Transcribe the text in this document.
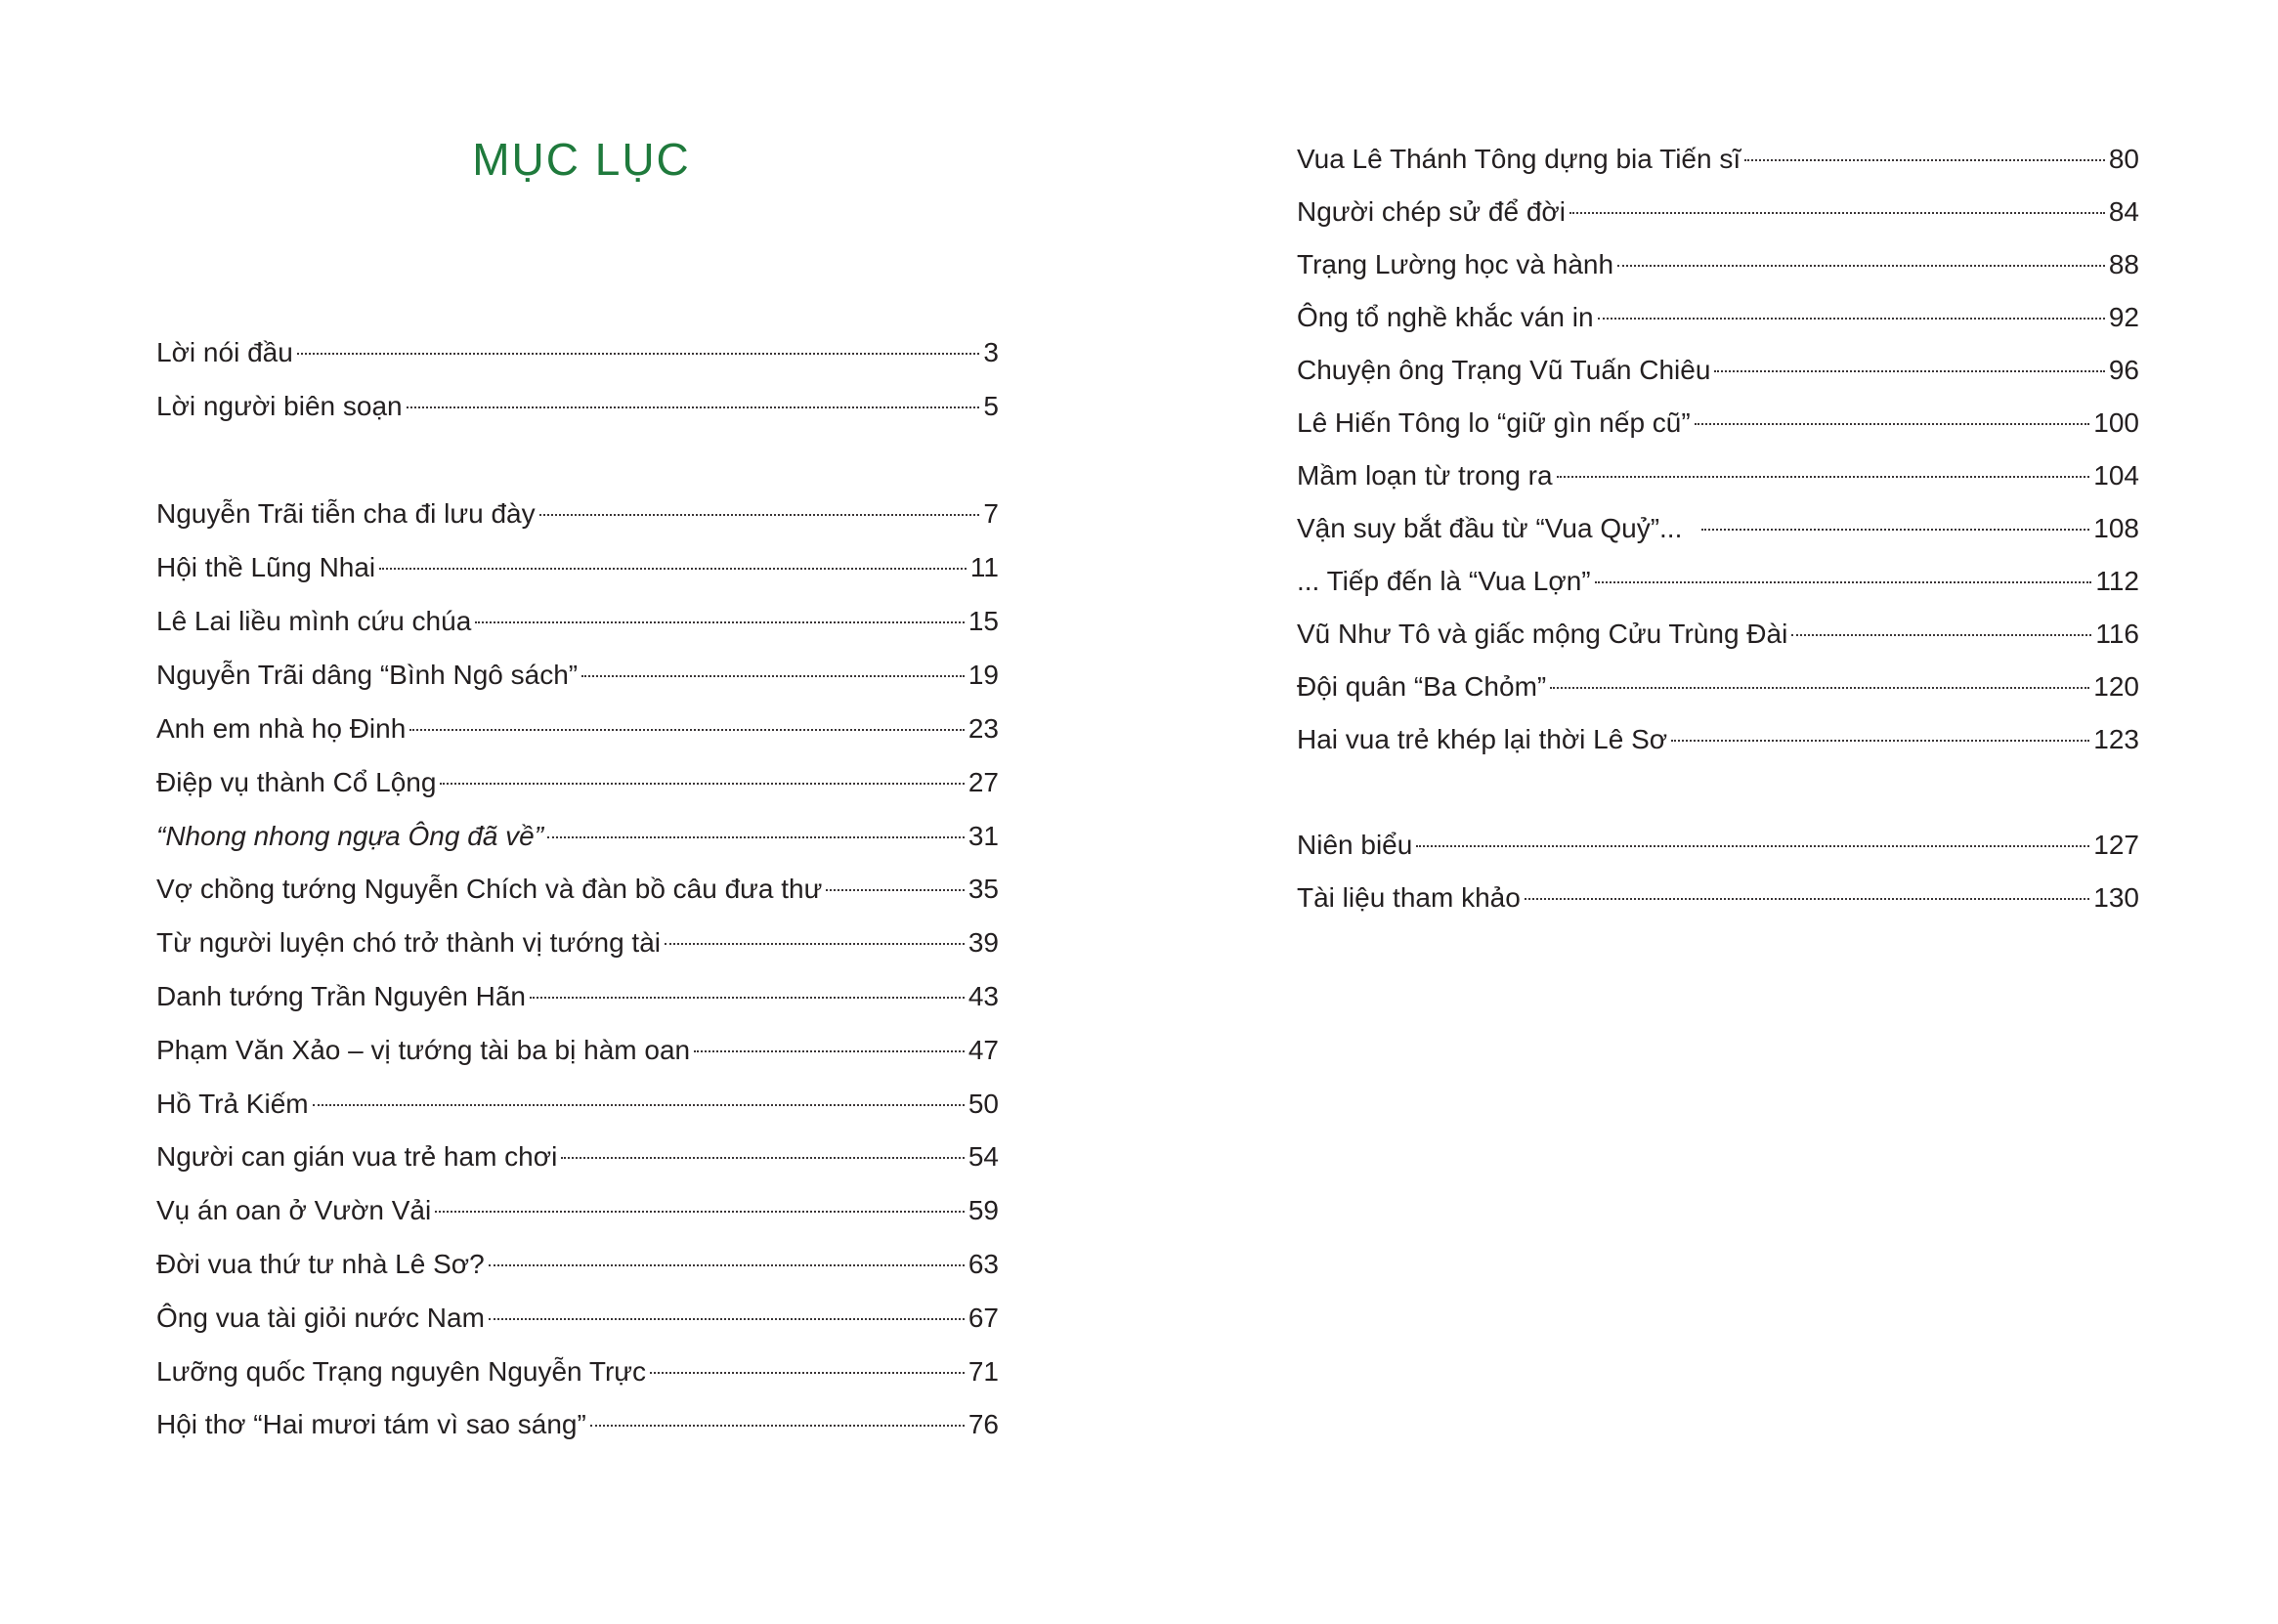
MỤC LỤC
Lời nói đầu	3
Lời người biên soạn	5
Nguyễn Trãi tiễn cha đi lưu đày	7
Hội thề Lũng Nhai	11
Lê Lai liều mình cứu chúa	15
Nguyễn Trãi dâng “Bình Ngô sách”	19
Anh em nhà họ Đinh	23
Điệp vụ thành Cổ Lộng	27
“Nhong nhong ngựa Ông đã về”	31
Vợ chồng tướng Nguyễn Chích và đàn bồ câu đưa thư	35
Từ người luyện chó trở thành vị tướng tài	39
Danh tướng Trần Nguyên Hãn	43
Phạm Văn Xảo – vị tướng tài ba bị hàm oan	47
Hồ Trả Kiếm	50
Người can gián vua trẻ ham chơi	54
Vụ án oan ở Vườn Vải	59
Đời vua thứ tư nhà Lê Sơ?	63
Ông vua tài giỏi nước Nam	67
Lưỡng quốc Trạng nguyên Nguyễn Trực	71
Hội thơ “Hai mươi tám vì sao sáng”	76
Vua Lê Thánh Tông dựng bia Tiến sĩ	80
Người chép sử để đời	84
Trạng Lường học và hành	88
Ông tổ nghề khắc ván in	92
Chuyện ông Trạng Vũ Tuấn Chiêu	96
Lê Hiến Tông lo “giữ gìn nếp cũ”	100
Mầm loạn từ trong ra	104
Vận suy bắt đầu từ “Vua Quỷ”...	108
... Tiếp đến là “Vua Lợn”	112
Vũ Như Tô và giấc mộng Cửu Trùng Đài	116
Đội quân “Ba Chỏm”	120
Hai vua trẻ khép lại thời Lê Sơ	123
Niên biểu	127
Tài liệu tham khảo	130
